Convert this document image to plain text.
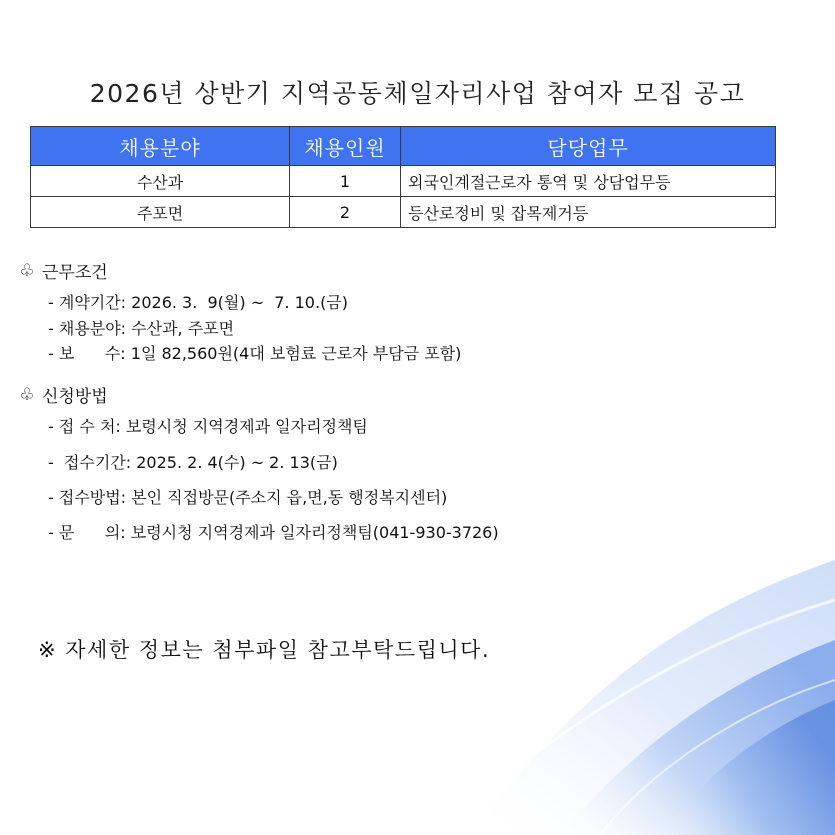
2026년 상반기 지역공동체일자리사업 참여자 모집 공고
채용분야	채용인원	담당업무
수산과	1	외국인계절근로자 통역 및 상담업무등
주포면	2	등산로정비 및 잡목제거등
♧ 근무조건
- 계약기간: 2026. 3.  9(월) ~  7. 10.(금)
- 채용분야: 수산과, 주포면
- 보      수: 1일 82,560원(4대 보험료 근로자 부담금 포함)
♧ 신청방법
- 접 수 처: 보령시청 지역경제과 일자리정책팀
-  접수기간: 2025. 2. 4(수) ~ 2. 13(금)
- 접수방법: 본인 직접방문(주소지 읍,면,동 행정복지센터)
- 문      의: 보령시청 지역경제과 일자리정책팀(041-930-3726)
※ 자세한 정보는 첨부파일 참고부탁드립니다.
